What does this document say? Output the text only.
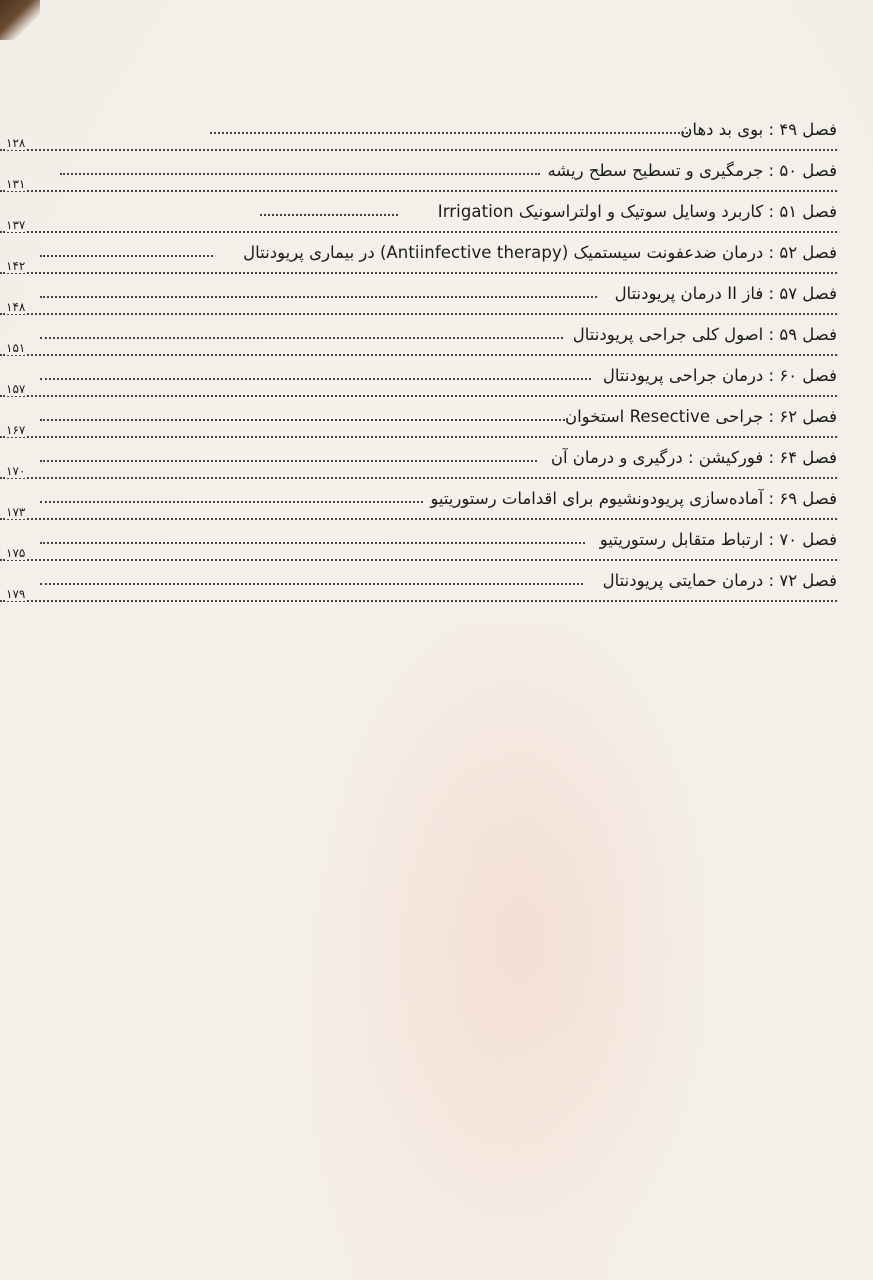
فصل ۴۹ : بوی بد دهان
۱۲۸
فصل ۵۰ : جرمگیری و تسطیح سطح ریشه
۱۳۱
فصل ۵۱ : کاربرد وسایل سوتیک و اولتراسونیک Irrigation
۱۳۷
فصل ۵۲ : درمان ضدعفونت سیستمیک (Antiinfective therapy) در بیماری پریودنتال
۱۴۲
فصل ۵۷ : فاز II درمان پریودنتال
۱۴۸
فصل ۵۹ : اصول کلی جراحی پریودنتال
۱۵۱
فصل ۶۰ : درمان جراحی پریودنتال
۱۵۷
فصل ۶۲ : جراحی Resective استخوان
۱۶۷
فصل ۶۴ : فورکیشن : درگیری و درمان آن
۱۷۰
فصل ۶۹ : آماده‌سازی پریودونشیوم برای اقدامات رستوریتیو
۱۷۳
فصل ۷۰ : ارتباط متقابل رستوریتیو
۱۷۵
فصل ۷۲ : درمان حمایتی پریودنتال
۱۷۹
